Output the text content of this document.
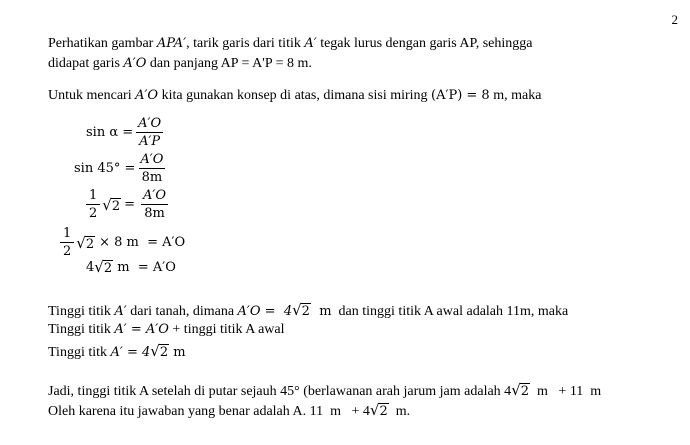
2
Perhatikan gambar APA′, tarik garis dari titik A′ tegak lurus dengan garis AP, sehingga
didapat garis A′O dan panjang AP = A'P = 8 m.
Untuk mencari A′O kita gunakan konsep di atas, dimana sisi miring (A′P) = 8 m, maka
$\sin \alpha = \frac{A'O}{A'P}$
$\sin 45^\circ = \frac{A'O}{8m}$
$\frac{1}{2} √2 = \frac{A'O}{8m}$
$\frac{1}{2} √2 \times 8$ m  = A′O
4 √2 m  = A′O
Tinggi titik A′ dari tanah, dimana A′O =  4√2  m  dan tinggi titik A awal adalah 11m, maka
Tinggi titik A′ = A′O + tinggi titik A awal
Tinggi titk A′ = 4√2 m
Jadi, tinggi titik A setelah di putar sejauh 45° (berlawanan arah jarum jam adalah 4√2  m   + 11  m
Oleh karena itu jawaban yang benar adalah A. 11  m   + 4√2  m.
